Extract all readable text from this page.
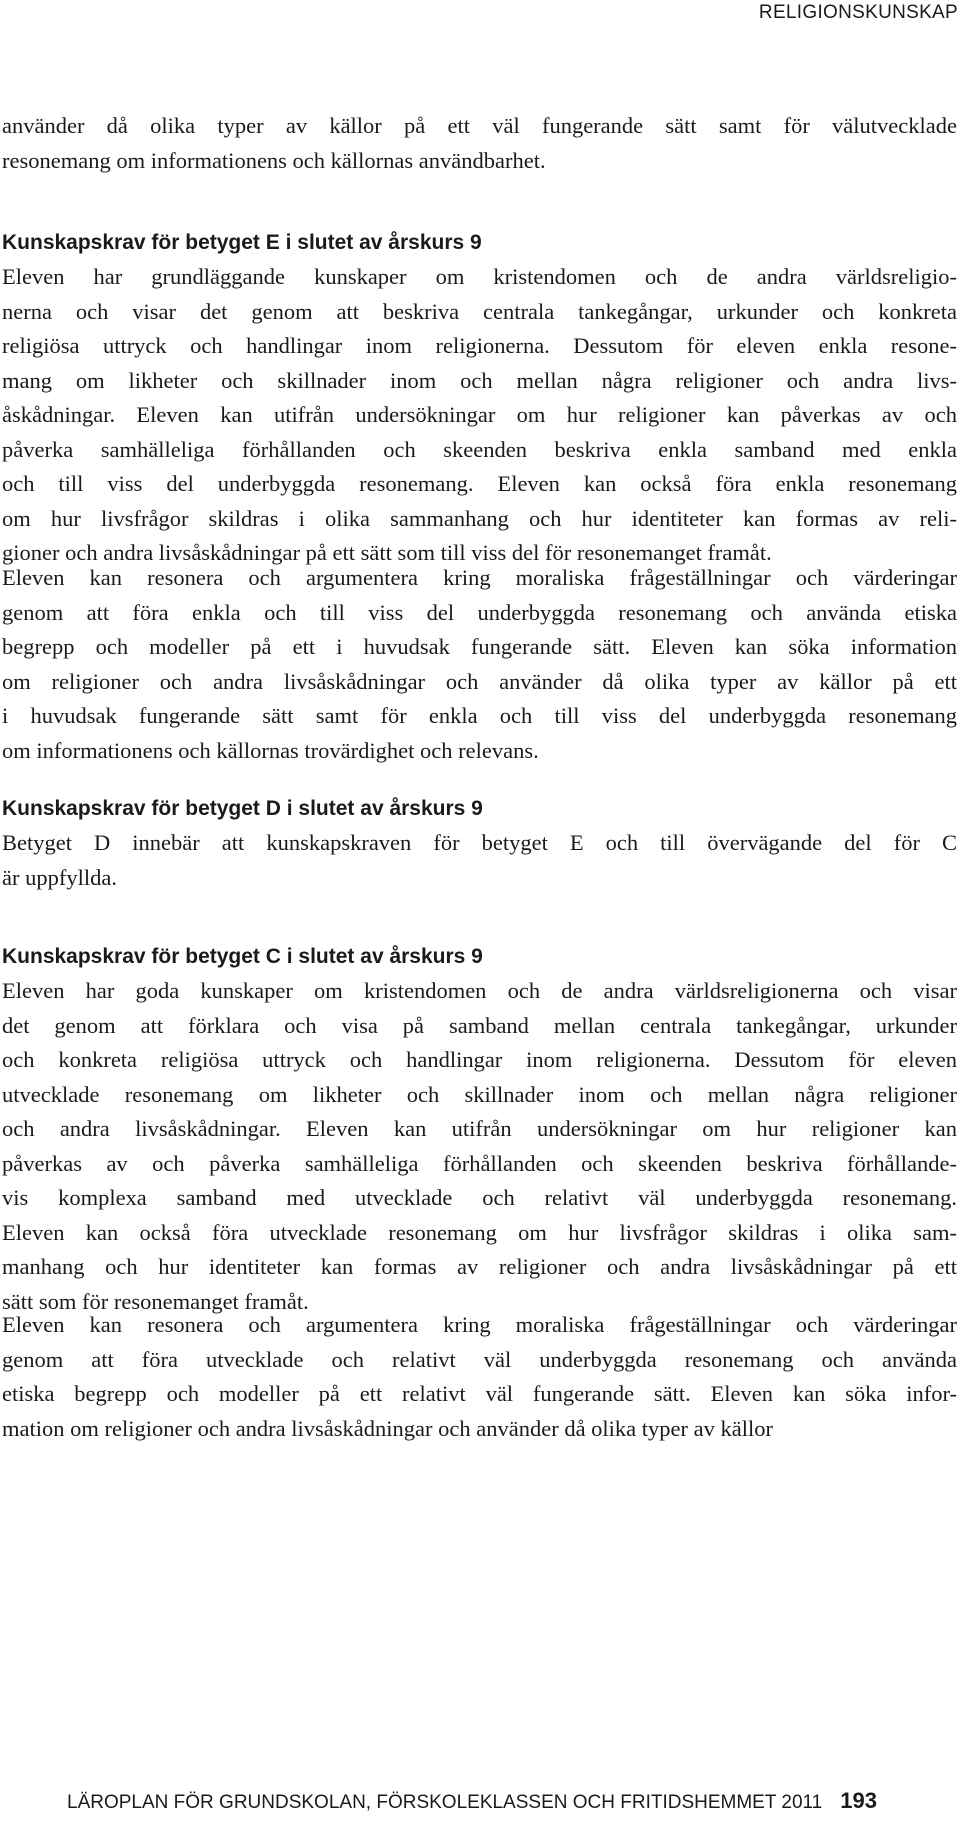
RELIGIONSKUNSKAP
använder då olika typer av källor på ett väl fungerande sätt samt för välutvecklade
resonemang om informationens och källornas användbarhet.
Kunskapskrav för betyget E i slutet av årskurs 9
Eleven har grundläggande kunskaper om kristendomen och de andra världsreligio-
nerna och visar det genom att beskriva centrala tankegångar, urkunder och konkreta
religiösa uttryck och handlingar inom religionerna. Dessutom för eleven enkla resone-
mang om likheter och skillnader inom och mellan några religioner och andra livs-
åskådningar. Eleven kan utifrån undersökningar om hur religioner kan påverkas av och
påverka samhälleliga förhållanden och skeenden beskriva enkla samband med enkla
och till viss del underbyggda resonemang. Eleven kan också föra enkla resonemang
om hur livsfrågor skildras i olika sammanhang och hur identiteter kan formas av reli-
gioner och andra livsåskådningar på ett sätt som till viss del för resonemanget framåt.
Eleven kan resonera och argumentera kring moraliska frågeställningar och värderingar
genom att föra enkla och till viss del underbyggda resonemang och använda etiska
begrepp och modeller på ett i huvudsak fungerande sätt. Eleven kan söka information
om religioner och andra livsåskådningar och använder då olika typer av källor på ett
i huvudsak fungerande sätt samt för enkla och till viss del underbyggda resonemang
om informationens och källornas trovärdighet och relevans.
Kunskapskrav för betyget D i slutet av årskurs 9
Betyget D innebär att kunskapskraven för betyget E och till övervägande del för C
är uppfyllda.
Kunskapskrav för betyget C i slutet av årskurs 9
Eleven har goda kunskaper om kristendomen och de andra världsreligionerna och visar
det genom att förklara och visa på samband mellan centrala tankegångar, urkunder
och konkreta religiösa uttryck och handlingar inom religionerna. Dessutom för eleven
utvecklade resonemang om likheter och skillnader inom och mellan några religioner
och andra livsåskådningar. Eleven kan utifrån undersökningar om hur religioner kan
påverkas av och påverka samhälleliga förhållanden och skeenden beskriva förhållande-
vis komplexa samband med utvecklade och relativt väl underbyggda resonemang.
Eleven kan också föra utvecklade resonemang om hur livsfrågor skildras i olika sam-
manhang och hur identiteter kan formas av religioner och andra livsåskådningar på ett
sätt som för resonemanget framåt.
Eleven kan resonera och argumentera kring moraliska frågeställningar och värderingar
genom att föra utvecklade och relativt väl underbyggda resonemang och använda
etiska begrepp och modeller på ett relativt väl fungerande sätt. Eleven kan söka infor-
mation om religioner och andra livsåskådningar och använder då olika typer av källor
LÄROPLAN FÖR GRUNDSKOLAN, FÖRSKOLEKLASSEN OCH FRITIDSHEMMET 2011 193
